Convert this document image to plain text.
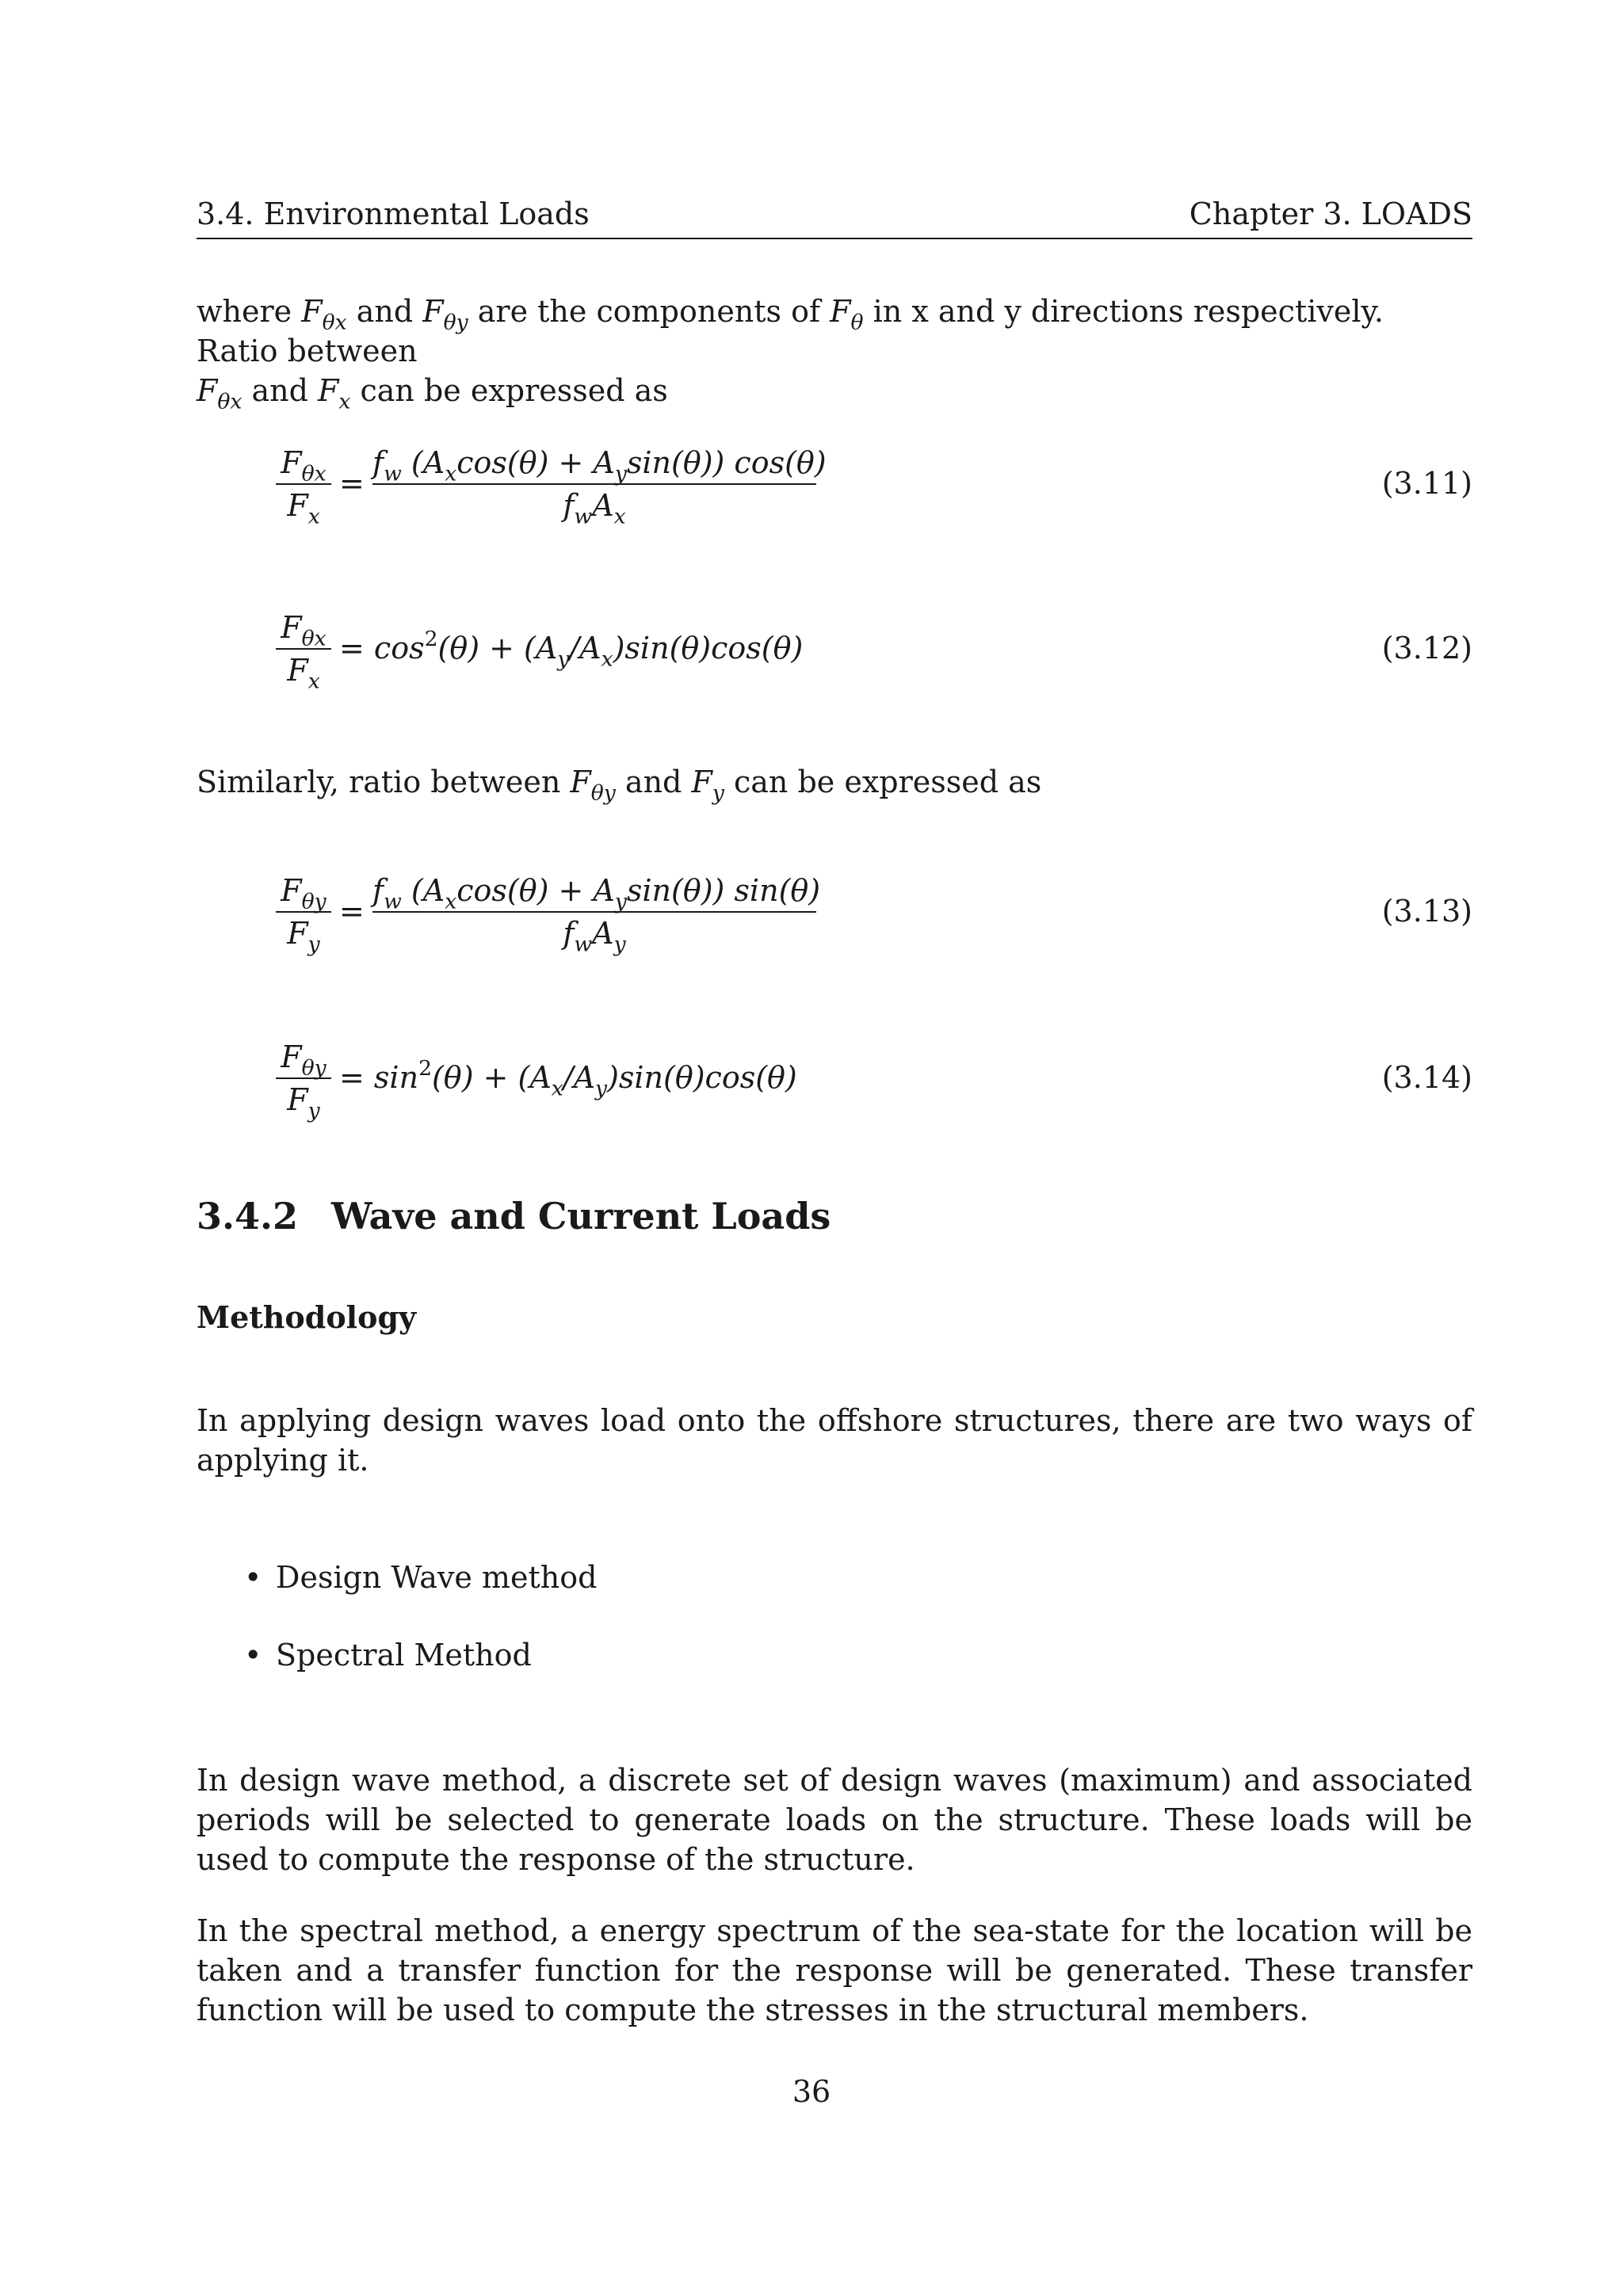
3.4. Environmental Loads	Chapter 3. LOADS
where $F_{\theta x}$ and $F_{\theta y}$ are the components of $F_\theta$ in x and y directions respectively. Ratio between
$F_{\theta x}$ and $F_x$ can be expressed as
$F_{\theta x}$
$F_x$
=
$f_w$ $(A_x\cos(\theta) + A_y\sin(\theta))$ cos(θ)
$f_wA_x$
(3.11)
$F_{\theta x}$
$F_x$
= $\cos^2(\theta) + (A_y/A_x)\sin(\theta)\cos(\theta)$	(3.12)
Similarly, ratio between $F_{\theta y}$ and $F_y$ can be expressed as
$F_{\theta y}$
$F_y$
=
$f_w$ $(A_x\cos(\theta) + A_y\sin(\theta))$ sin(θ)
$f_wA_y$
(3.13)
$F_{\theta y}$
$F_y$
= $\sin^2(\theta) + (A_x/A_y)\sin(\theta)\cos(\theta)$	(3.14)
3.4.2 Wave and Current Loads
Methodology
In applying design waves load onto the offshore structures, there are two ways of applying it.
• Design Wave method
• Spectral Method
In design wave method, a discrete set of design waves (maximum) and associated periods will be selected to generate loads on the structure. These loads will be used to compute the response of the structure.
In the spectral method, a energy spectrum of the sea-state for the location will be taken and a transfer function for the response will be generated. These transfer function will be used to compute the stresses in the structural members.
36
